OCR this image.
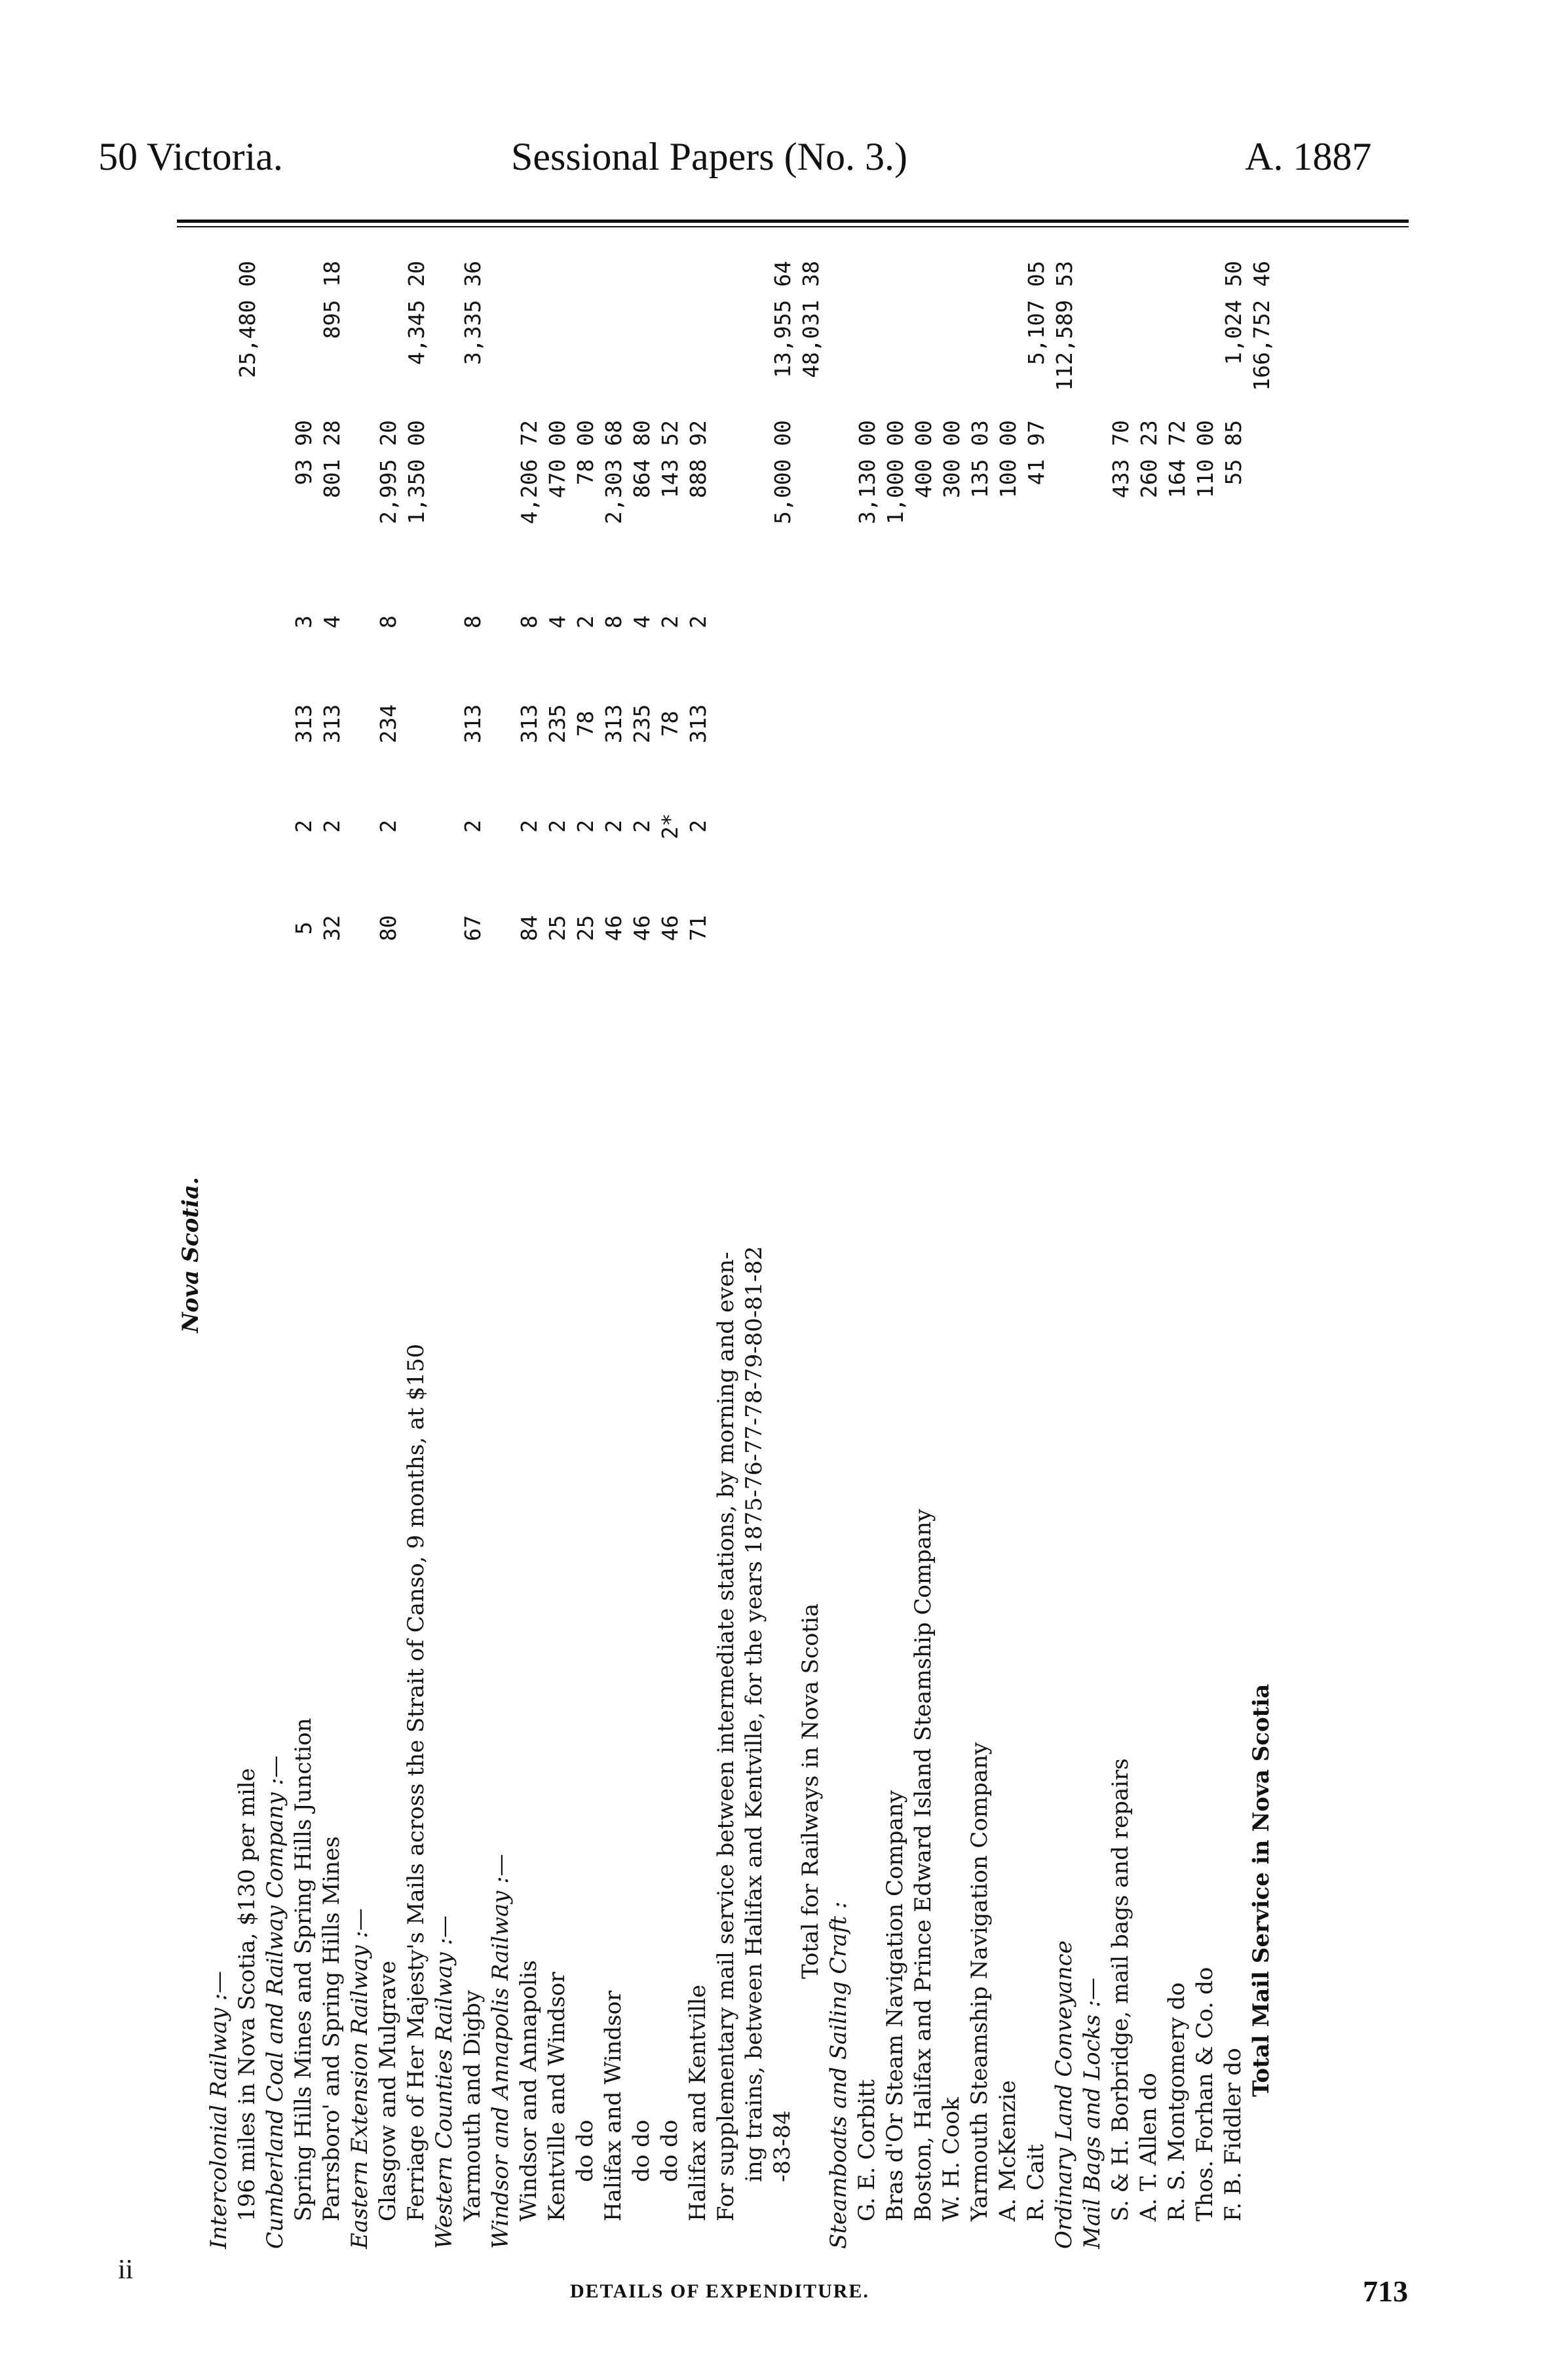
50 Victoria.	Sessional Papers (No. 3.)	A. 1887
Nova Scotia.						
Intercolonial Railway :—						
196 miles in Nova Scotia, $130 per mile						25,480 00
Cumberland Coal and Railway Company :—						
Spring Hills Mines and Spring Hills Junction	5	2	313	3	93 90	
Parrsboro' and Spring Hills Mines	32	2	313	4	801 28	895 18
Eastern Extension Railway :—						
Glasgow and Mulgrave	80	2	234	8	2,995 20	
Ferriage of Her Majesty's Mails across the Strait of Canso, 9 months, at $150					1,350 00	4,345 20
Western Counties Railway :—						
Yarmouth and Digby	67	2	313	8		3,335 36
Windsor and Annapolis Railway :—						
Windsor and Annapolis	84	2	313	8	4,206 72	
Kentville and Windsor	25	2	235	4	470 00	
do do	25	2	78	2	78 00	
Halifax and Windsor	46	2	313	8	2,303 68	
do do	46	2	235	4	864 80	
do do	46	2*	78	2	143 52	
Halifax and Kentville	71	2	313	2	888 92	
For supplementary mail service between intermediate stations, by morning and even-						
ing trains, between Halifax and Kentville, for the years 1875-76-77-78-79-80-81-82						
-83-84					5,000 00	13,955 64
Total for Railways in Nova Scotia						48,031 38
Steamboats and Sailing Craft :						
G. E. Corbitt					3,130 00	
Bras d'Or Steam Navigation Company					1,000 00	
Boston, Halifax and Prince Edward Island Steamship Company					400 00	
W. H. Cook					300 00	
Yarmouth Steamship Navigation Company					135 03	
A. McKenzie					100 00	
R. Cait					41 97	5,107 05
Ordinary Land Conveyance						112,589 53
Mail Bags and Locks :—						
S. & H. Borbridge, mail bags and repairs					433 70	
A. T. Allen do					260 23	
R. S. Montgomery do					164 72	
Thos. Forhan & Co. do					110 00	
F. B. Fiddler do					55 85	1,024 50
Total Mail Service in Nova Scotia						166,752 46
ii
DETAILS OF EXPENDITURE.	713
